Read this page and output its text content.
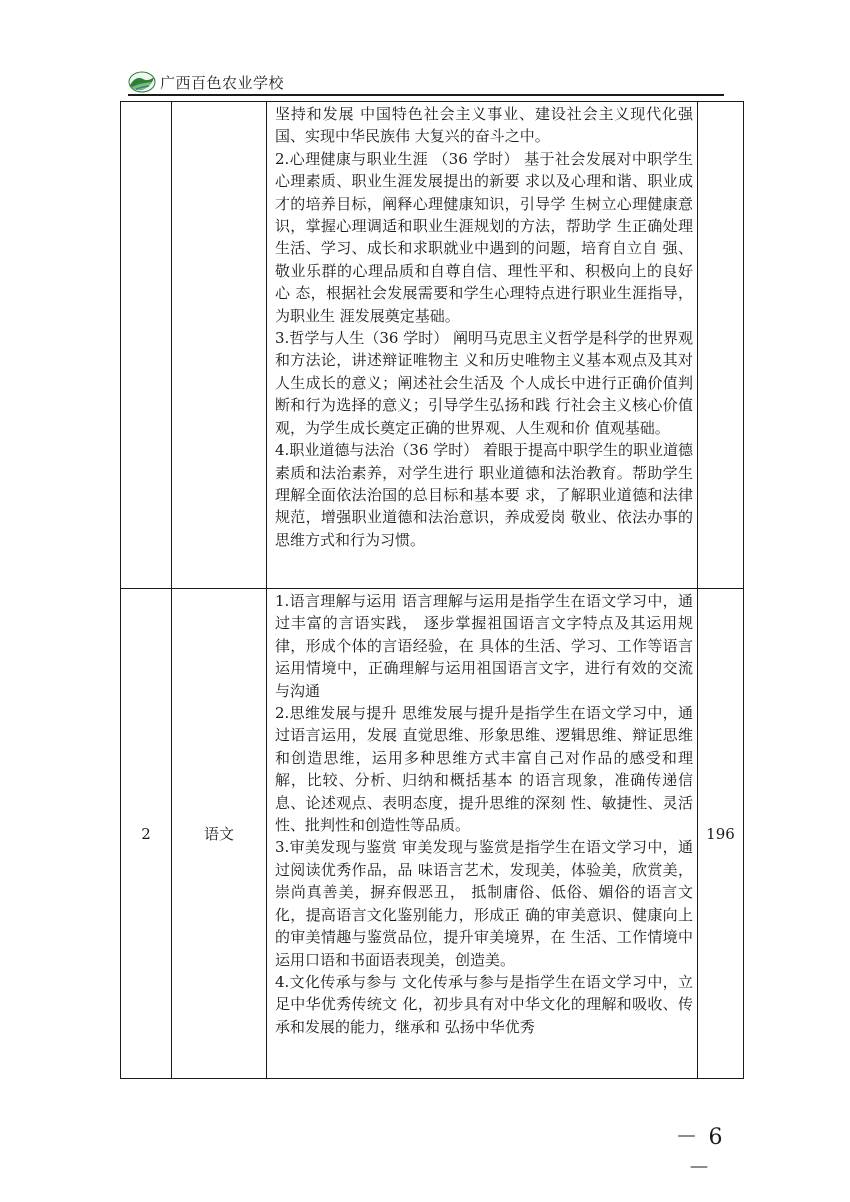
广西百色农业学校

		坚持和发展 中国特色社会主义事业、建设社会主义现代化强国、实现中华民族伟 大复兴的奋斗之中。

2.心理健康与职业生涯 （36 学时） 基于社会发展对中职学生心理素质、职业生涯发展提出的新要 求以及心理和谐、职业成才的培养目标，阐释心理健康知识，引导学 生树立心理健康意识，掌握心理调适和职业生涯规划的方法，帮助学 生正确处理生活、学习、成长和求职就业中遇到的问题，培育自立自 强、敬业乐群的心理品质和自尊自信、理性平和、积极向上的良好心 态，根据社会发展需要和学生心理特点进行职业生涯指导，为职业生 涯发展奠定基础。

3.哲学与人生（36 学时） 阐明马克思主义哲学是科学的世界观和方法论，讲述辩证唯物主 义和历史唯物主义基本观点及其对人生成长的意义；阐述社会生活及 个人成长中进行正确价值判断和行为选择的意义；引导学生弘扬和践 行社会主义核心价值观，为学生成长奠定正确的世界观、人生观和价 值观基础。

4.职业道德与法治（36 学时） 着眼于提高中职学生的职业道德素质和法治素养，对学生进行 职业道德和法治教育。帮助学生理解全面依法治国的总目标和基本要 求，了解职业道德和法律规范，增强职业道德和法治意识，养成爱岗 敬业、依法办事的思维方式和行为习惯。	

2	语文	1.语言理解与运用 语言理解与运用是指学生在语文学习中，通过丰富的言语实践， 逐步掌握祖国语言文字特点及其运用规律，形成个体的言语经验，在 具体的生活、学习、工作等语言运用情境中，正确理解与运用祖国语言文字，进行有效的交流与沟通

2.思维发展与提升 思维发展与提升是指学生在语文学习中，通过语言运用，发展 直觉思维、形象思维、逻辑思维、辩证思维和创造思维，运用多种思维方式丰富自己对作品的感受和理解，比较、分析、归纳和概括基本 的语言现象，准确传递信息、论述观点、表明态度，提升思维的深刻 性、敏捷性、灵活性、批判性和创造性等品质。

3.审美发现与鉴赏 审美发现与鉴赏是指学生在语文学习中，通过阅读优秀作品，品 味语言艺术，发现美，体验美，欣赏美，崇尚真善美，摒弃假恶丑， 抵制庸俗、低俗、媚俗的语言文化，提高语言文化鉴别能力，形成正 确的审美意识、健康向上的审美情趣与鉴赏品位，提升审美境界，在 生活、工作情境中运用口语和书面语表现美，创造美。

4.文化传承与参与 文化传承与参与是指学生在语文学习中，立足中华优秀传统文 化，初步具有对中华文化的理解和吸收、传承和发展的能力，继承和 弘扬中华优秀	196
－ 6 －
